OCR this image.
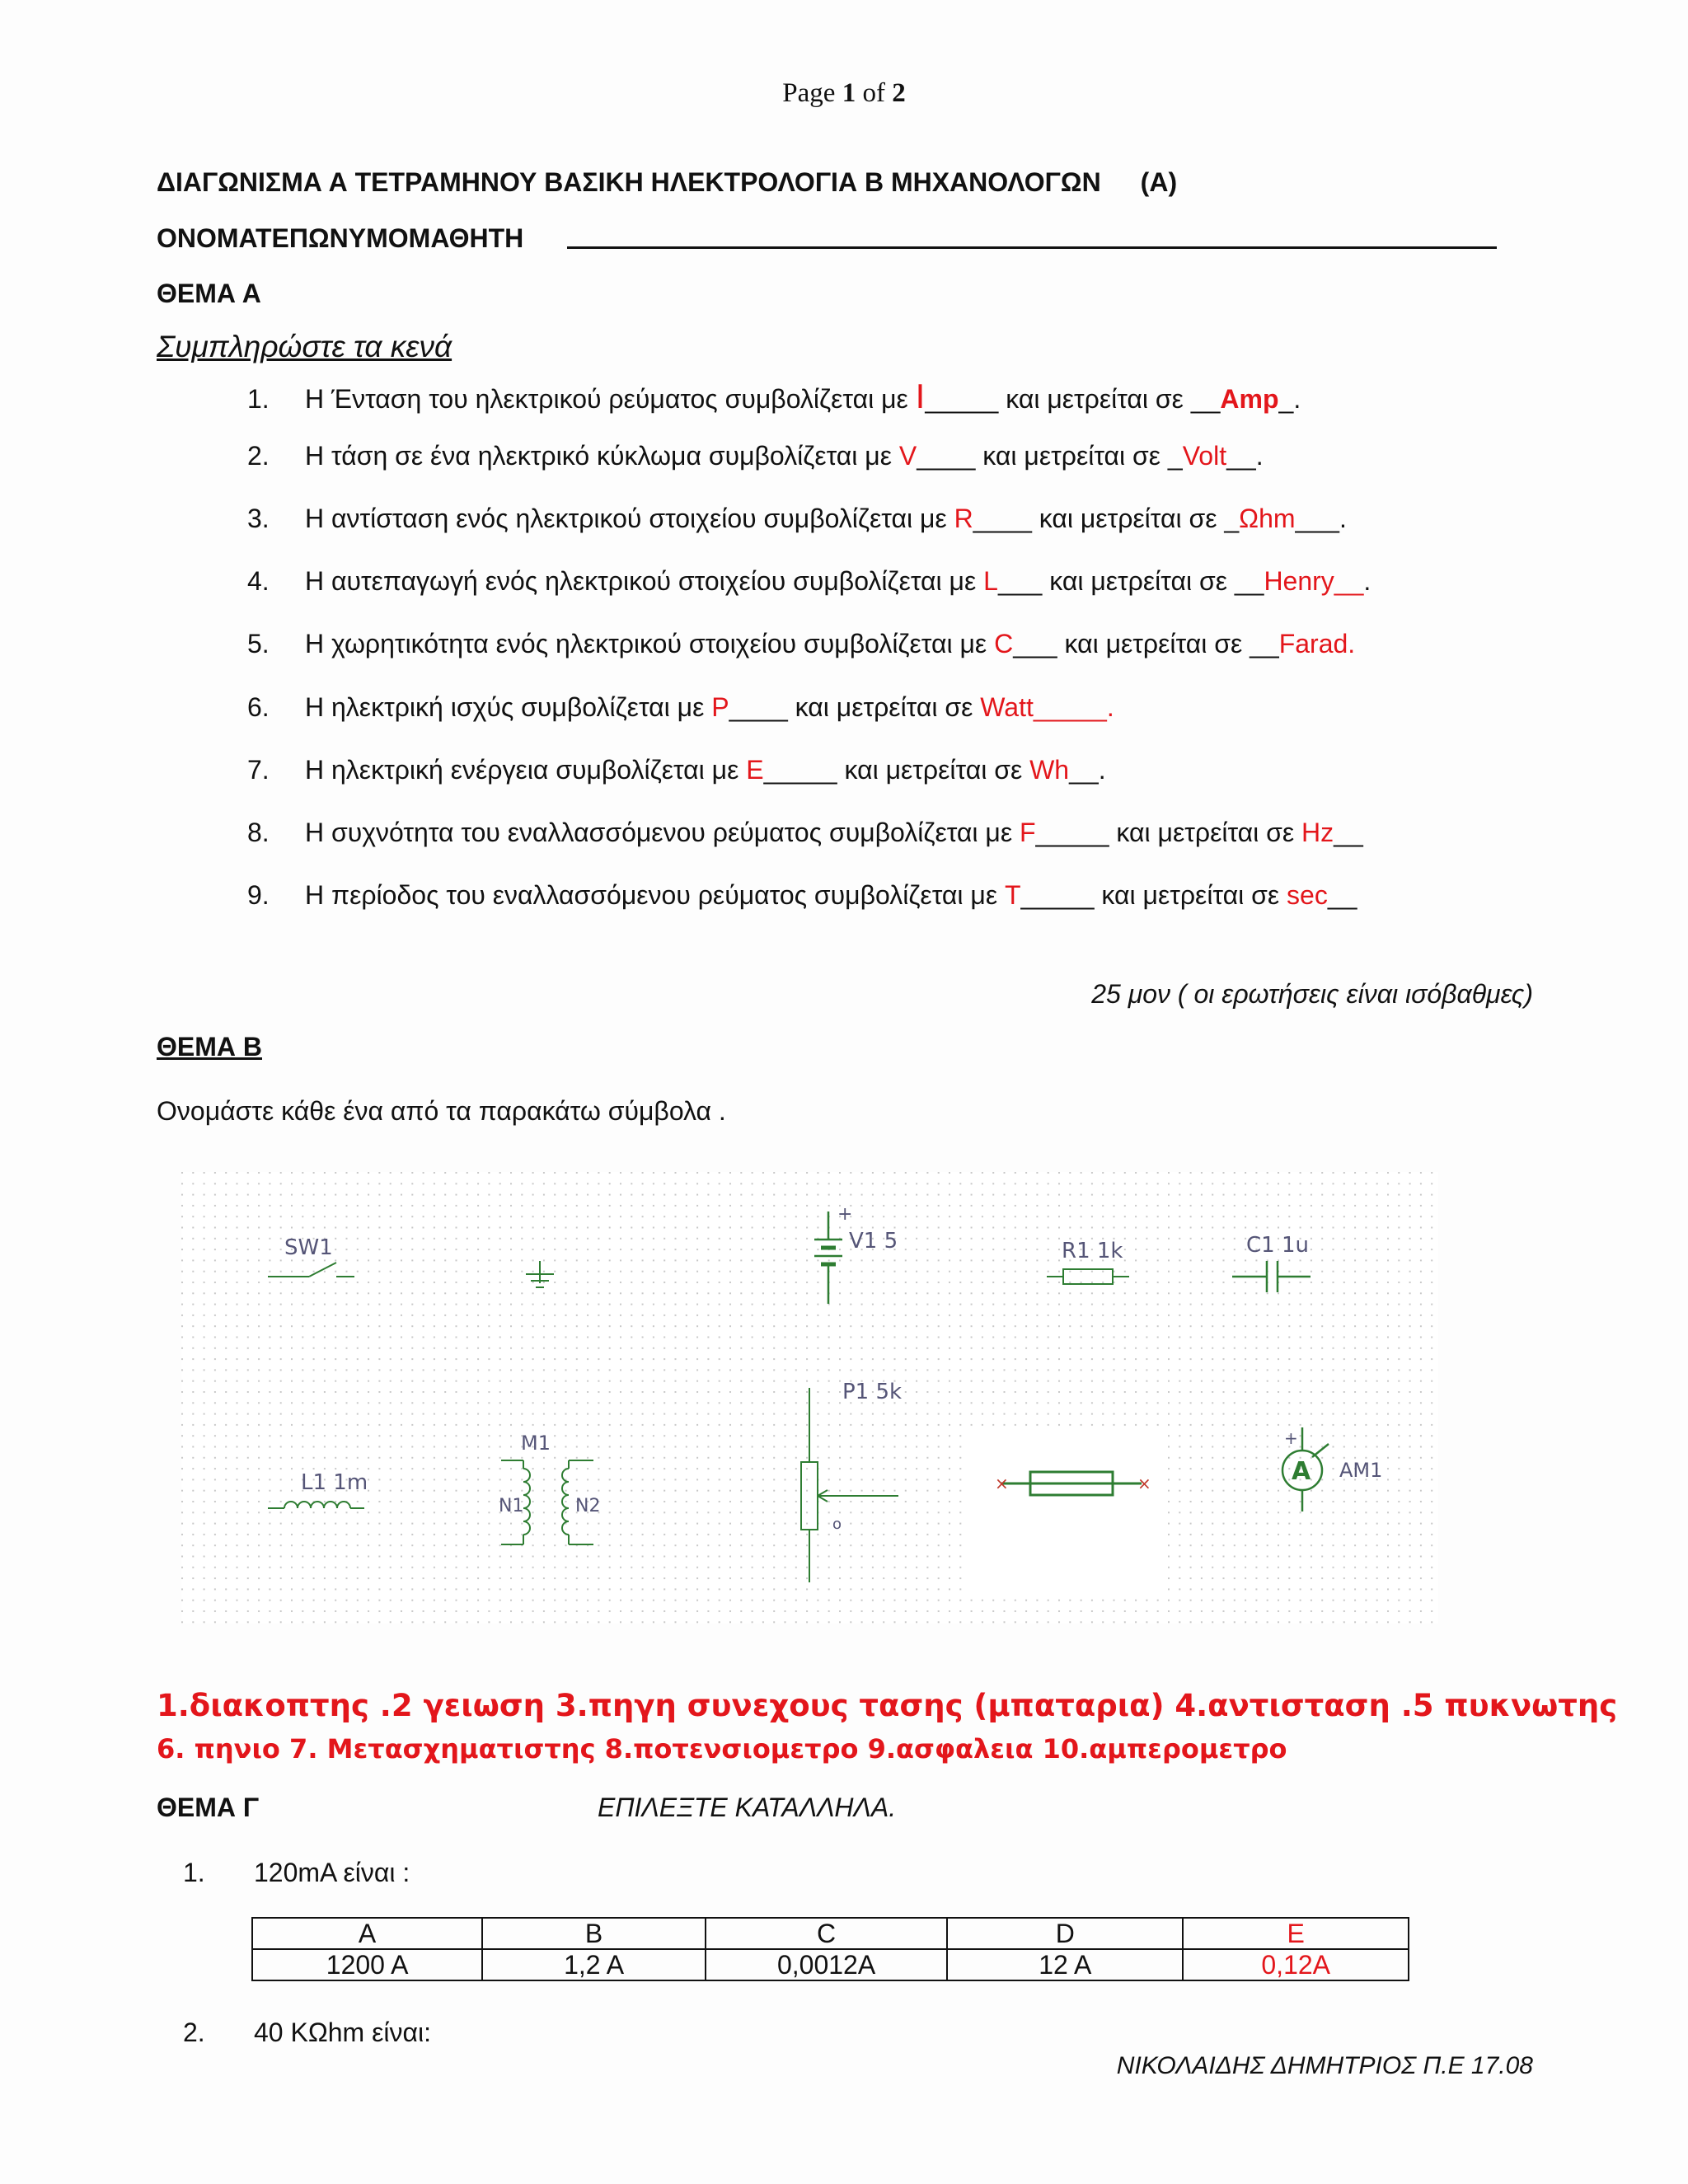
Page 1 of 2
ΔΙΑΓΩΝΙΣΜΑ Α ΤΕΤΡΑΜΗΝΟΥ ΒΑΣΙΚΗ ΗΛΕΚΤΡΟΛΟΓΙΑ Β ΜΗΧΑΝΟΛΟΓΩΝ (Α)
ΟΝΟΜΑΤΕΠΩΝΥΜΟΜΑΘΗΤΗ
ΘΕΜΑ Α
Συμπληρώστε τα κενά
1. Η Ένταση του ηλεκτρικού ρεύματος συμβολίζεται με I_____ και μετρείται σε __Amp_.
2. Η τάση σε ένα ηλεκτρικό κύκλωμα συμβολίζεται με V____ και μετρείται σε _Volt__.
3. Η αντίσταση ενός ηλεκτρικού στοιχείου συμβολίζεται με R____ και μετρείται σε _Ωhm___.
4. Η αυτεπαγωγή ενός ηλεκτρικού στοιχείου συμβολίζεται με L___ και μετρείται σε __Henry__.
5. Η χωρητικότητα ενός ηλεκτρικού στοιχείου συμβολίζεται με C___ και μετρείται σε __Farad.
6. Η ηλεκτρική ισχύς συμβολίζεται με P____ και μετρείται σε Watt_____.
7. Η ηλεκτρική ενέργεια συμβολίζεται με E_____ και μετρείται σε Wh__.
8. Η συχνότητα του εναλλασσόμενου ρεύματος συμβολίζεται με F_____ και μετρείται σε Hz__
9. Η περίοδος του εναλλασσόμενου ρεύματος συμβολίζεται με T_____ και μετρείται σε sec__
25 μον ( οι ερωτήσεις είναι ισόβαθμες)
ΘΕΜΑ Β
Ονομάστε κάθε ένα από τα παρακάτω σύμβολα .
SW1
+
V1 5	R1 1k	C1 1u
L1 1m
M1
N1	N2
o
P1 5k
×	×	A
+
AM1
1.διακοπτης .2 γειωση 3.πηγη συνεχους τασης (μπαταρια) 4.αντισταση .5 πυκνωτης
6. πηνιο 7. Μετασχηματιστης 8.ποτενσιομετρο 9.ασφαλεια 10.αμπερομετρο
ΘΕΜΑ Γ	ΕΠΙΛΕΞΤΕ ΚΑΤΑΛΛΗΛΑ.
1. 120mA είναι :
A	B	C	D	E
1200 A	1,2 A	0,0012A	12 A	0,12A
2. 40 KΩhm είναι:
ΝΙΚΟΛΑΙΔΗΣ ΔΗΜΗΤΡΙΟΣ Π.Ε 17.08
